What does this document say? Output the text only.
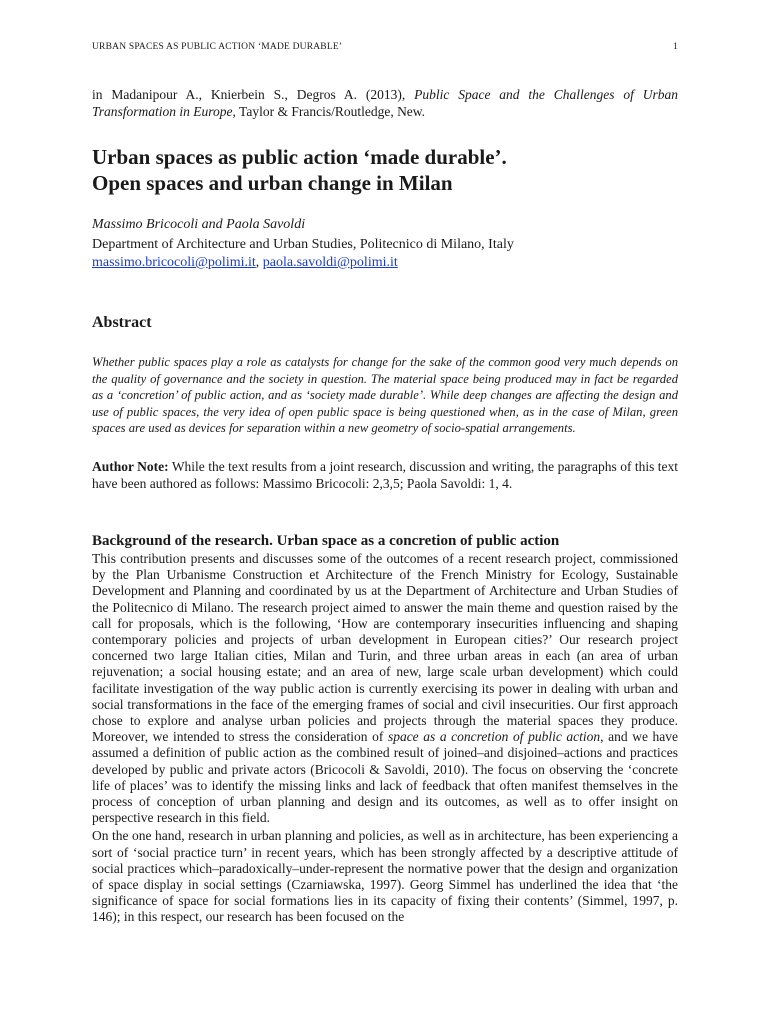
URBAN SPACES AS PUBLIC ACTION ‘MADE DURABLE’	1
in Madanipour A., Knierbein S., Degros A. (2013), Public Space and the Challenges of Urban Transformation in Europe, Taylor & Francis/Routledge, New.
Urban spaces as public action ‘made durable’.
Open spaces and urban change in Milan
Massimo Bricocoli and Paola Savoldi
Department of Architecture and Urban Studies, Politecnico di Milano, Italy
massimo.bricocoli@polimi.it, paola.savoldi@polimi.it
Abstract

Whether public spaces play a role as catalysts for change for the sake of the common good very much depends on the quality of governance and the society in question. The material space being produced may in fact be regarded as a ‘concretion’ of public action, and as ‘society made durable’. While deep changes are affecting the design and use of public spaces, the very idea of open public space is being questioned when, as in the case of Milan, green spaces are used as devices for separation within a new geometry of socio-spatial arrangements.

Author Note: While the text results from a joint research, discussion and writing, the paragraphs of this text have been authored as follows: Massimo Bricocoli: 2,3,5; Paola Savoldi: 1, 4.

Background of the research. Urban space as a concretion of public action

This contribution presents and discusses some of the outcomes of a recent research project, commissioned by the Plan Urbanisme Construction et Architecture of the French Ministry for Ecology, Sustainable Development and Planning and coordinated by us at the Department of Architecture and Urban Studies of the Politecnico di Milano. The research project aimed to answer the main theme and question raised by the call for proposals, which is the following, ‘How are contemporary insecurities influencing and shaping contemporary policies and projects of urban development in European cities?’ Our research project concerned two large Italian cities, Milan and Turin, and three urban areas in each (an area of urban rejuvenation; a social housing estate; and an area of new, large scale urban development) which could facilitate investigation of the way public action is currently exercising its power in dealing with urban and social transformations in the face of the emerging frames of social and civil insecurities. Our first approach chose to explore and analyse urban policies and projects through the material spaces they produce. Moreover, we intended to stress the consideration of space as a concretion of public action, and we have assumed a definition of public action as the combined result of joined–and disjoined–actions and practices developed by public and private actors (Bricocoli & Savoldi, 2010). The focus on observing the ‘concrete life of places’ was to identify the missing links and lack of feedback that often manifest themselves in the process of conception of urban planning and design and its outcomes, as well as to offer insight on perspective research in this field.

On the one hand, research in urban planning and policies, as well as in architecture, has been experiencing a sort of ‘social practice turn’ in recent years, which has been strongly affected by a descriptive attitude of social practices which–paradoxically–under-represent the normative power that the design and organization of space display in social settings (Czarniawska, 1997). Georg Simmel has underlined the idea that ‘the significance of space for social formations lies in its capacity of fixing their contents’ (Simmel, 1997, p. 146); in this respect, our research has been focused on the
